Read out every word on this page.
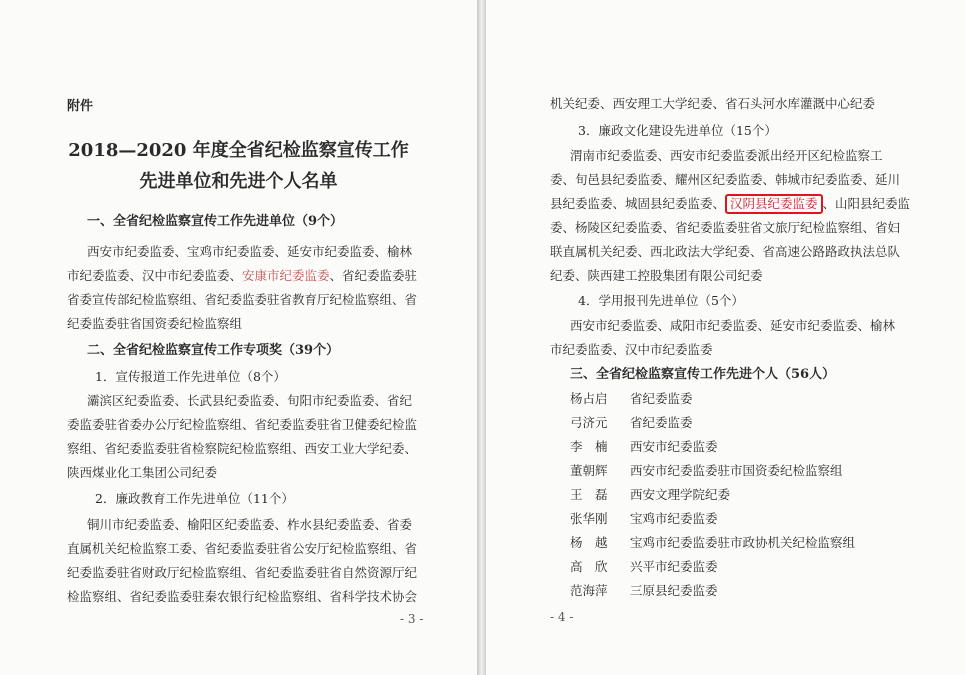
附件
2018—2020 年度全省纪检监察宣传工作
先进单位和先进个人名单
一、全省纪检监察宣传工作先进单位（9个）
西安市纪委监委、宝鸡市纪委监委、延安市纪委监委、榆林
市纪委监委、汉中市纪委监委、安康市纪委监委、省纪委监委驻
省委宣传部纪检监察组、省纪委监委驻省教育厅纪检监察组、省
纪委监委驻省国资委纪检监察组
二、全省纪检监察宣传工作专项奖（39个）
1．宣传报道工作先进单位（8个）
灞滨区纪委监委、长武县纪委监委、旬阳市纪委监委、省纪
委监委驻省委办公厅纪检监察组、省纪委监委驻省卫健委纪检监
察组、省纪委监委驻省检察院纪检监察组、西安工业大学纪委、
陕西煤业化工集团公司纪委
2．廉政教育工作先进单位（11个）
铜川市纪委监委、榆阳区纪委监委、柞水县纪委监委、省委
直属机关纪检监察工委、省纪委监委驻省公安厅纪检监察组、省
纪委监委驻省财政厅纪检监察组、省纪委监委驻省自然资源厅纪
检监察组、省纪委监委驻秦农银行纪检监察组、省科学技术协会
- 3 -
机关纪委、西安理工大学纪委、省石头河水库灌溉中心纪委
3．廉政文化建设先进单位（15个）
渭南市纪委监委、西安市纪委监委派出经开区纪检监察工
委、旬邑县纪委监委、耀州区纪委监委、韩城市纪委监委、延川
县纪委监委、城固县纪委监委、 汉阴县纪委监委 、山阳县纪委监
委、杨陵区纪委监委、省纪委监委驻省文旅厅纪检监察组、省妇
联直属机关纪委、西北政法大学纪委、省高速公路路政执法总队
纪委、陕西建工控股集团有限公司纪委
4．学用报刊先进单位（5个）
西安市纪委监委、咸阳市纪委监委、延安市纪委监委、榆林
市纪委监委、汉中市纪委监委
三、全省纪检监察宣传工作先进个人（56人）
杨占启 省纪委监委
弓济元 省纪委监委
李　楠 西安市纪委监委
董朝辉 西安市纪委监委驻市国资委纪检监察组
王　磊 西安文理学院纪委
张华刚 宝鸡市纪委监委
杨　越 宝鸡市纪委监委驻市政协机关纪检监察组
高　欣 兴平市纪委监委
范海萍 三原县纪委监委
- 4 -
